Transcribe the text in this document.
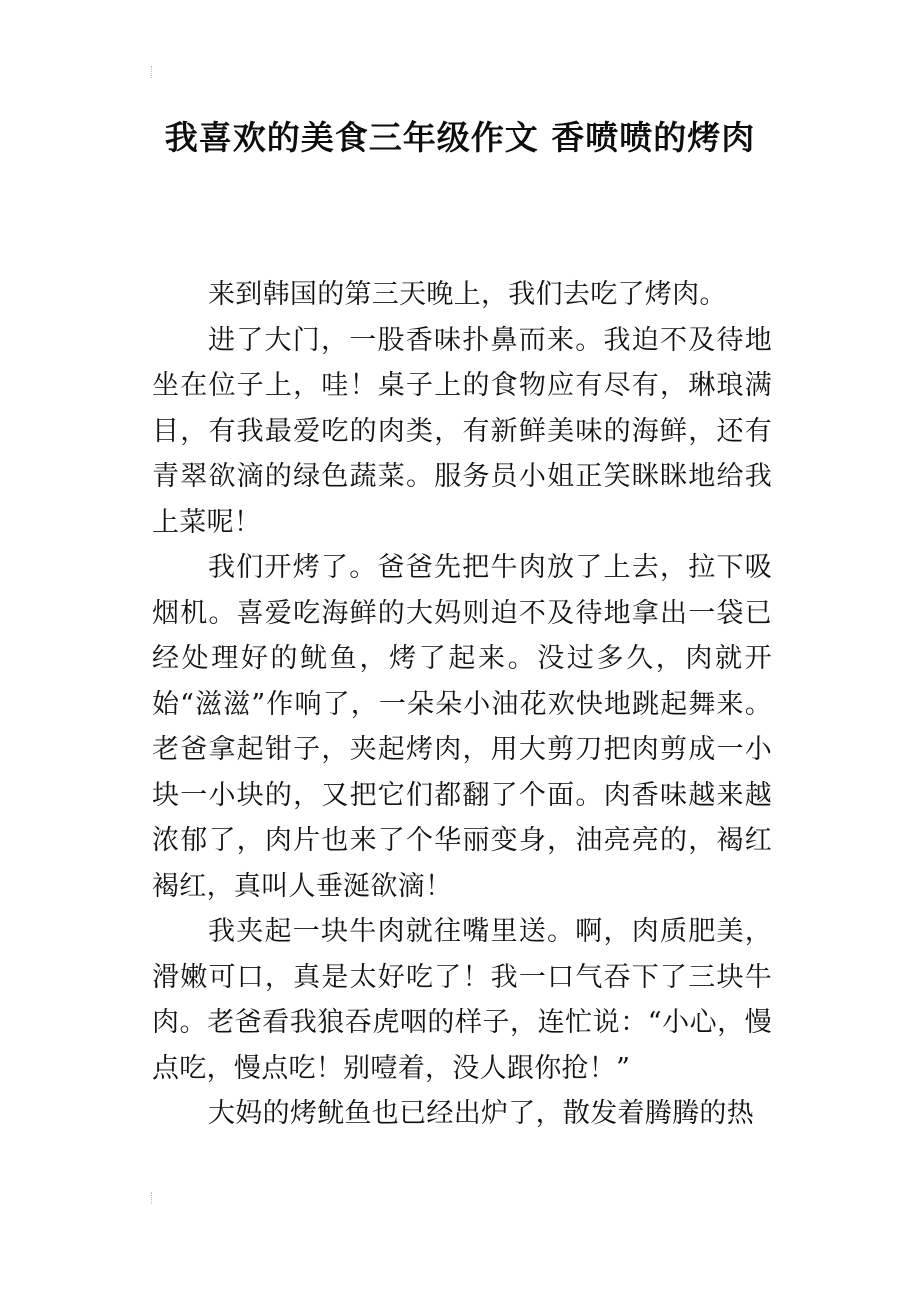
我喜欢的美食三年级作文 香喷喷的烤肉

来到韩国的第三天晚上，我们去吃了烤肉。

进了大门，一股香味扑鼻而来。我迫不及待地坐在位子上，哇！桌子上的食物应有尽有，琳琅满目，有我最爱吃的肉类，有新鲜美味的海鲜，还有青翠欲滴的绿色蔬菜。服务员小姐正笑眯眯地给我上菜呢！

我们开烤了。爸爸先把牛肉放了上去，拉下吸烟机。喜爱吃海鲜的大妈则迫不及待地拿出一袋已经处理好的鱿鱼，烤了起来。没过多久，肉就开始“滋滋”作响了，一朵朵小油花欢快地跳起舞来。老爸拿起钳子，夹起烤肉，用大剪刀把肉剪成一小块一小块的，又把它们都翻了个面。肉香味越来越浓郁了，肉片也来了个华丽变身，油亮亮的，褐红褐红，真叫人垂涎欲滴！

我夹起一块牛肉就往嘴里送。啊，肉质肥美，滑嫩可口，真是太好吃了！我一口气吞下了三块牛肉。老爸看我狼吞虎咽的样子，连忙说：“小心，慢点吃，慢点吃！别噎着，没人跟你抢！”

大妈的烤鱿鱼也已经出炉了，散发着腾腾的热
